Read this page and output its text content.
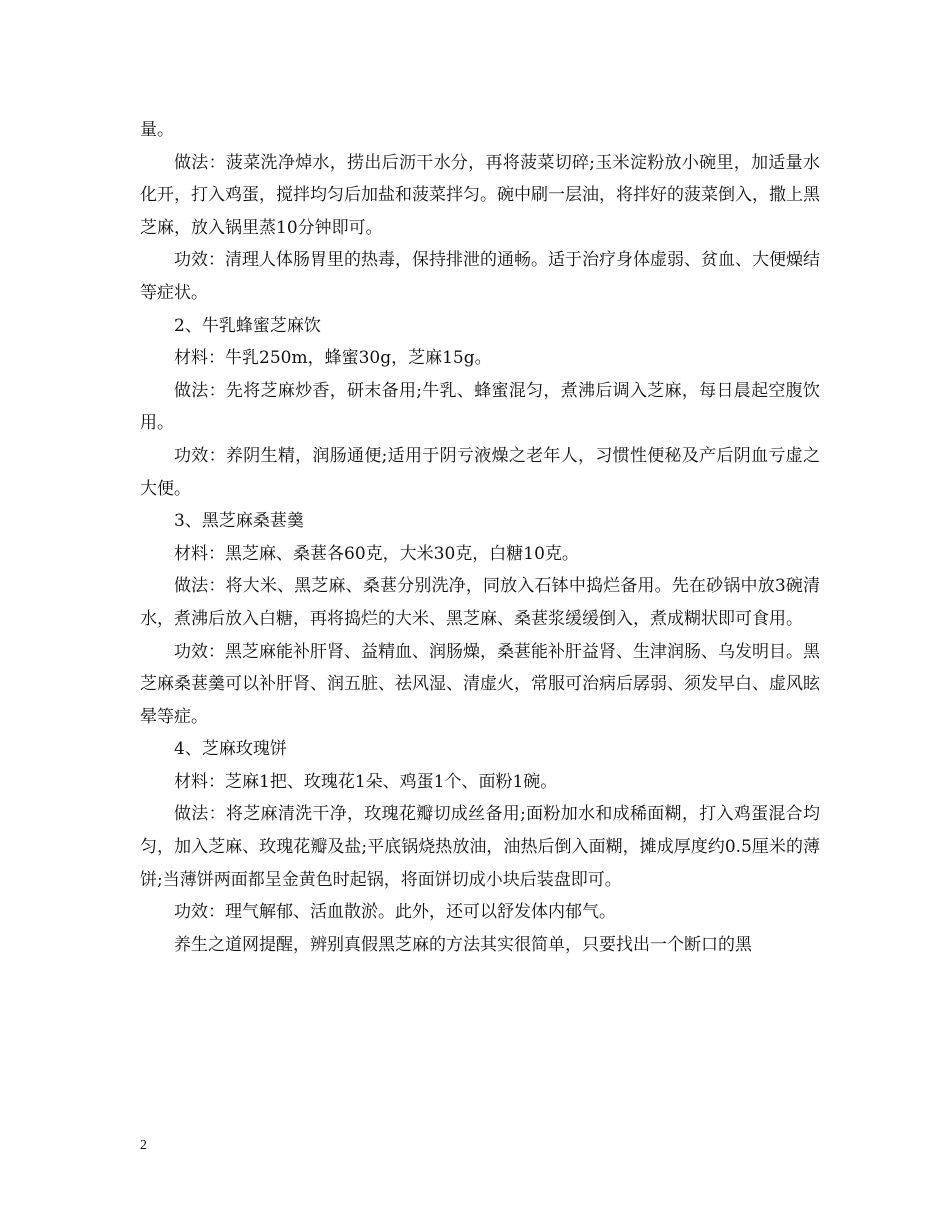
量。

做法：菠菜洗净焯水，捞出后沥干水分，再将菠菜切碎;玉米淀粉放小碗里，加适量水化开，打入鸡蛋，搅拌均匀后加盐和菠菜拌匀。碗中刷一层油，将拌好的菠菜倒入，撒上黑芝麻，放入锅里蒸10分钟即可。

功效：清理人体肠胃里的热毒，保持排泄的通畅。适于治疗身体虚弱、贫血、大便燥结等症状。

2、牛乳蜂蜜芝麻饮

材料：牛乳250m，蜂蜜30g，芝麻15g。

做法：先将芝麻炒香，研末备用;牛乳、蜂蜜混匀，煮沸后调入芝麻，每日晨起空腹饮用。

功效：养阴生精，润肠通便;适用于阴亏液燥之老年人，习惯性便秘及产后阴血亏虚之大便。

3、黑芝麻桑葚羹

材料：黑芝麻、桑葚各60克，大米30克，白糖10克。

做法：将大米、黑芝麻、桑葚分别洗净，同放入石钵中捣烂备用。先在砂锅中放3碗清水，煮沸后放入白糖，再将捣烂的大米、黑芝麻、桑葚浆缓缓倒入，煮成糊状即可食用。

功效：黑芝麻能补肝肾、益精血、润肠燥，桑葚能补肝益肾、生津润肠、乌发明目。黑芝麻桑葚羹可以补肝肾、润五脏、祛风湿、清虚火，常服可治病后孱弱、须发早白、虚风眩晕等症。

4、芝麻玫瑰饼

材料：芝麻1把、玫瑰花1朵、鸡蛋1个、面粉1碗。

做法：将芝麻清洗干净，玫瑰花瓣切成丝备用;面粉加水和成稀面糊，打入鸡蛋混合均匀，加入芝麻、玫瑰花瓣及盐;平底锅烧热放油，油热后倒入面糊，摊成厚度约0.5厘米的薄饼;当薄饼两面都呈金黄色时起锅，将面饼切成小块后装盘即可。

功效：理气解郁、活血散淤。此外，还可以舒发体内郁气。

养生之道网提醒，辨别真假黑芝麻的方法其实很简单，只要找出一个断口的黑

2
